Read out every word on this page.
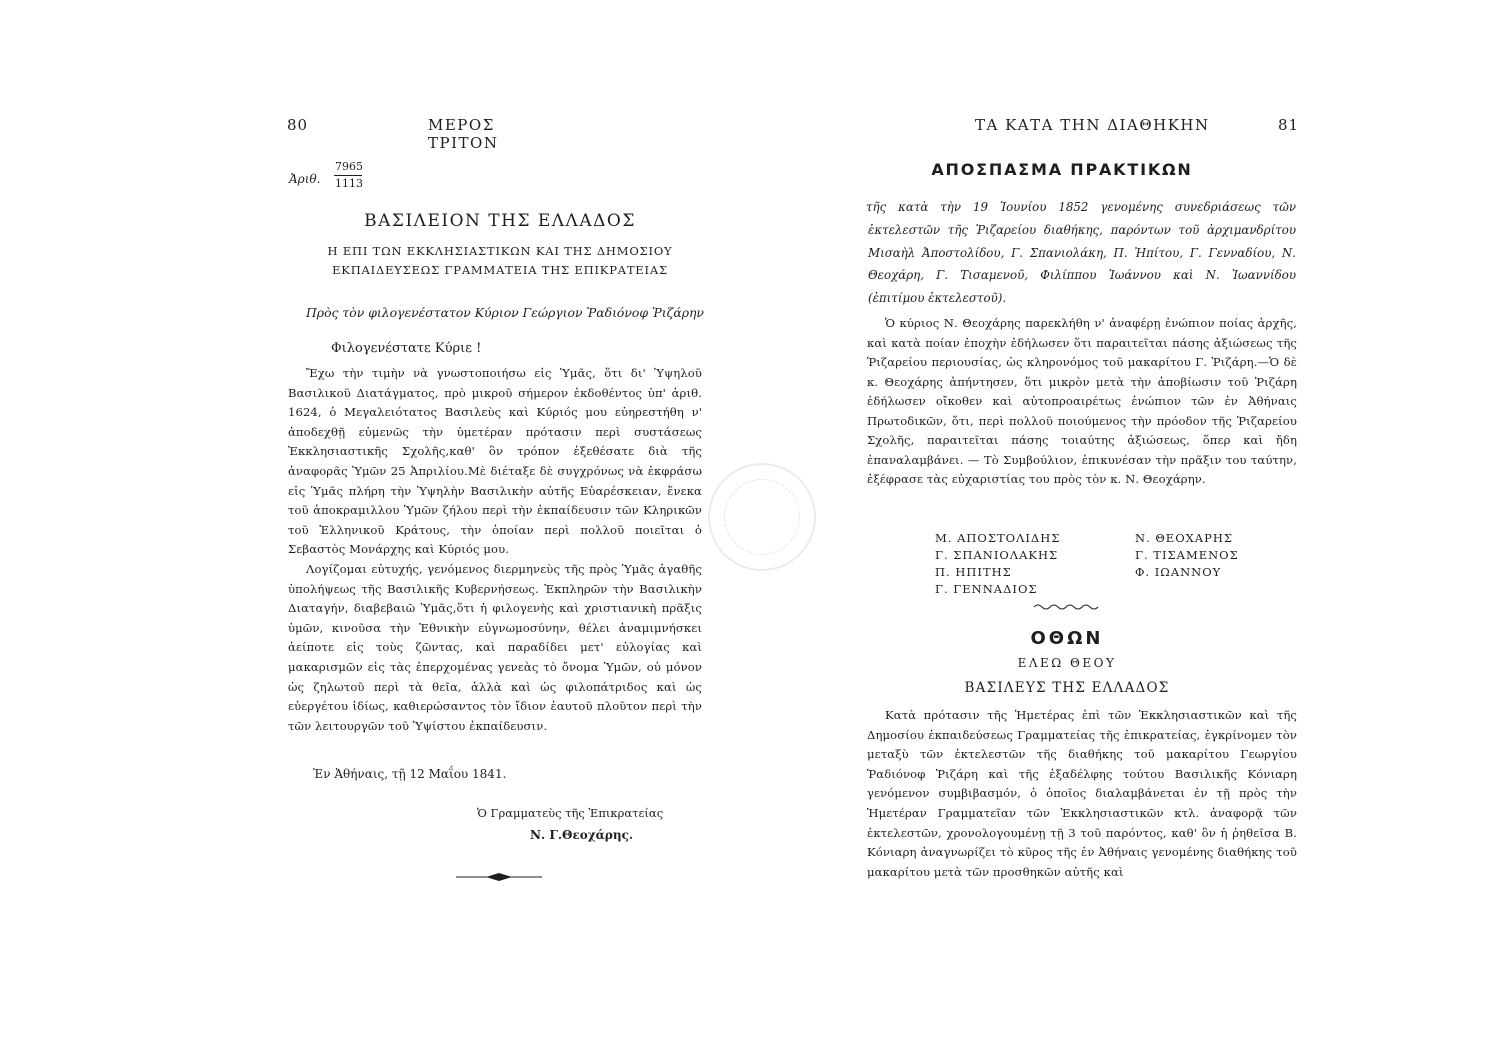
80	ΜΕΡΟΣ ΤΡΙΤΟΝ
Ἀριθ.
7965
1113
ΒΑΣΙΛΕΙΟΝ ΤΗΣ ΕΛΛΑΔΟΣ
Η ΕΠΙ ΤΩΝ ΕΚΚΛΗΣΙΑΣΤΙΚΩΝ ΚΑΙ ΤΗΣ ΔΗΜΟΣΙΟΥ
ΕΚΠΑΙΔΕΥΣΕΩΣ ΓΡΑΜΜΑΤΕΙΑ ΤΗΣ ΕΠΙΚΡΑΤΕΙΑΣ
Πρὸς τὸν φιλογενέστατον Κύριον Γεώργιον Ῥαδιόνοφ Ῥιζάρην
Φιλογενέστατε Κύριε !

Ἔχω τὴν τιμὴν νὰ γνωστοποιήσω εἰς Ὑμᾶς, ὅτι δι' Ὑψηλοῦ Βασιλικοῦ Διατάγματος, πρὸ μικροῦ σήμερον ἐκδοθέντος ὑπ' ἀριθ. 1624, ὁ Μεγαλειότατος Βασιλεὺς καὶ Κύριός μου εὐηρεστήθη ν' ἀποδεχθῇ εὐμενῶς τὴν ὑμετέραν πρότασιν περὶ συστάσεως Ἐκκλησιαστικῆς Σχολῆς,καθ' ὃν τρόπον ἐξεθέσατε διὰ τῆς ἀναφορᾶς Ὑμῶν 25 Ἀπριλίου.Μὲ διέταξε δὲ συγχρόνως νὰ ἐκφράσω εἰς Ὑμᾶς πλήρη τὴν Ὑψηλὴν Βασιλικὴν αὐτῆς Εὐαρέσκειαν, ἕνεκα τοῦ ἀποκραμιλλου Ὑμῶν ζήλου περὶ τὴν ἐκπαίδευσιν τῶν Κληρικῶν τοῦ Ἑλληνικοῦ Κράτους, τὴν ὁποίαν περὶ πολλοῦ ποιεῖται ὁ Σεβαστὸς Μονάρχης καὶ Κύριός μου.

Λογίζομαι εὐτυχής, γενόμενος διερμηνεὺς τῆς πρὸς Ὑμᾶς ἀγαθῆς ὑπολήψεως τῆς Βασιλικῆς Κυβερνήσεως. Ἐκπληρῶν τὴν Βασιλικὴν Διαταγήν, διαβεβαιῶ Ὑμᾶς,ὅτι ἡ φιλογενὴς καὶ χριστιανικὴ πρᾶξις ὑμῶν, κινοῦσα τὴν Ἐθνικὴν εὐγνωμοσύνην, θέλει ἀναμιμνήσκει ἀείποτε εἰς τοὺς ζῶντας, καὶ παραδίδει μετ' εὐλογίας καὶ μακαρισμῶν εἰς τὰς ἐπερχομένας γενεὰς τὸ ὄνομα Ὑμῶν, οὐ μόνον ὡς ζηλωτοῦ περὶ τὰ θεῖα, ἀλλὰ καὶ ὡς φιλοπάτριδος καὶ ὡς εὐεργέτου ἰδίως, καθιερώσαντος τὸν ἴδιον ἑαυτοῦ πλοῦτον περὶ τὴν τῶν λειτουργῶν τοῦ Ὑψίστου ἐκπαίδευσιν.

Ἐν Ἀθήναις, τῇ 12 Μαΐου 1841.
Ὁ Γραμματεὺς τῆς Ἐπικρατείας
Ν. Γ.Θεοχάρης.
ΤΑ ΚΑΤΑ ΤΗΝ ΔΙΑΘΗΚΗΝ	81
ΑΠΟΣΠΑΣΜΑ ΠΡΑΚΤΙΚΩΝ
τῆς κατὰ τὴν 19 Ἰουνίου 1852 γενομένης συνεδριάσεως τῶν ἐκτελεστῶν τῆς Ῥιζαρείου διαθήκης, παρόντων τοῦ ἀρχιμανδρίτου Μισαὴλ Ἀποστολίδου, Γ. Σπανιολάκη, Π. Ἠπίτου, Γ. Γενναδίου, Ν. Θεοχάρη, Γ. Τισαμενοῦ, Φιλίππου Ἰωάννου καὶ Ν. Ἰωαννίδου (ἐπιτίμου ἐκτελεστοῦ).

Ὁ κύριος Ν. Θεοχάρης παρεκλήθη ν' ἀναφέρῃ ἐνώπιον ποίας ἀρχῆς, καὶ κατὰ ποίαν ἐποχὴν ἐδήλωσεν ὅτι παραιτεῖται πάσης ἀξιώσεως τῆς Ῥιζαρείου περιουσίας, ὡς κληρονόμος τοῦ μακαρίτου Γ. Ῥιζάρη.—Ὁ δὲ κ. Θεοχάρης ἀπήντησεν, ὅτι μικρὸν μετὰ τὴν ἀποβίωσιν τοῦ Ῥιζάρη ἐδήλωσεν οἴκοθεν καὶ αὐτοπροαιρέτως ἐνώπιον τῶν ἐν Ἀθήναις Πρωτοδικῶν, ὅτι, περὶ πολλοῦ ποιούμενος τὴν πρόοδον τῆς Ῥιζαρείου Σχολῆς, παραιτεῖται πάσης τοιαύτης ἀξιώσεως, ὅπερ καὶ ἤδη ἐπαναλαμβάνει. — Τὸ Συμβούλιον, ἐπικυνέσαν τὴν πρᾶξιν του ταύτην, ἐξέφρασε τὰς εὐχαριστίας του πρὸς τὸν κ. Ν. Θεοχάρην.

Μ. ΑΠΟΣΤΟΛΙΔΗΣ
Γ. ΣΠΑΝΙΟΛΑΚΗΣ
Π. ΗΠΙΤΗΣ
Γ. ΓΕΝΝΑΔΙΟΣ
Ν. ΘΕΟΧΑΡΗΣ
Γ. ΤΙΣΑΜΕΝΟΣ
Φ. ΙΩΑΝΝΟΥ
ΟΘΩΝ
ΕΛΕΩ ΘΕΟΥ
ΒΑΣΙΛΕΥΣ ΤΗΣ ΕΛΛΑΔΟΣ

Κατὰ πρότασιν τῆς Ἡμετέρας ἐπὶ τῶν Ἐκκλησιαστικῶν καὶ τῆς Δημοσίου ἐκπαιδεύσεως Γραμματείας τῆς ἐπικρατείας, ἐγκρίνομεν τὸν μεταξὺ τῶν ἐκτελεστῶν τῆς διαθήκης τοῦ μακαρίτου Γεωργίου Ῥαδιόνοφ Ῥιζάρη καὶ τῆς ἐξαδέλφης τούτου Βασιλικῆς Κόνιαρη γενόμενον συμβιβασμόν, ὁ ὁποῖος διαλαμβάνεται ἐν τῇ πρὸς τὴν Ἡμετέραν Γραμματεῖαν τῶν Ἐκκλησιαστικῶν κτλ. ἀναφορᾷ τῶν ἐκτελεστῶν, χρονολογουμένῃ τῇ 3 τοῦ παρόντος, καθ' ὃν ἡ ῥηθεῖσα Β. Κόνιαρη ἀναγνωρίζει τὸ κῦρος τῆς ἐν Ἀθήναις γενομένης διαθήκης τοῦ μακαρίτου μετὰ τῶν προσθηκῶν αὐτῆς καὶ
